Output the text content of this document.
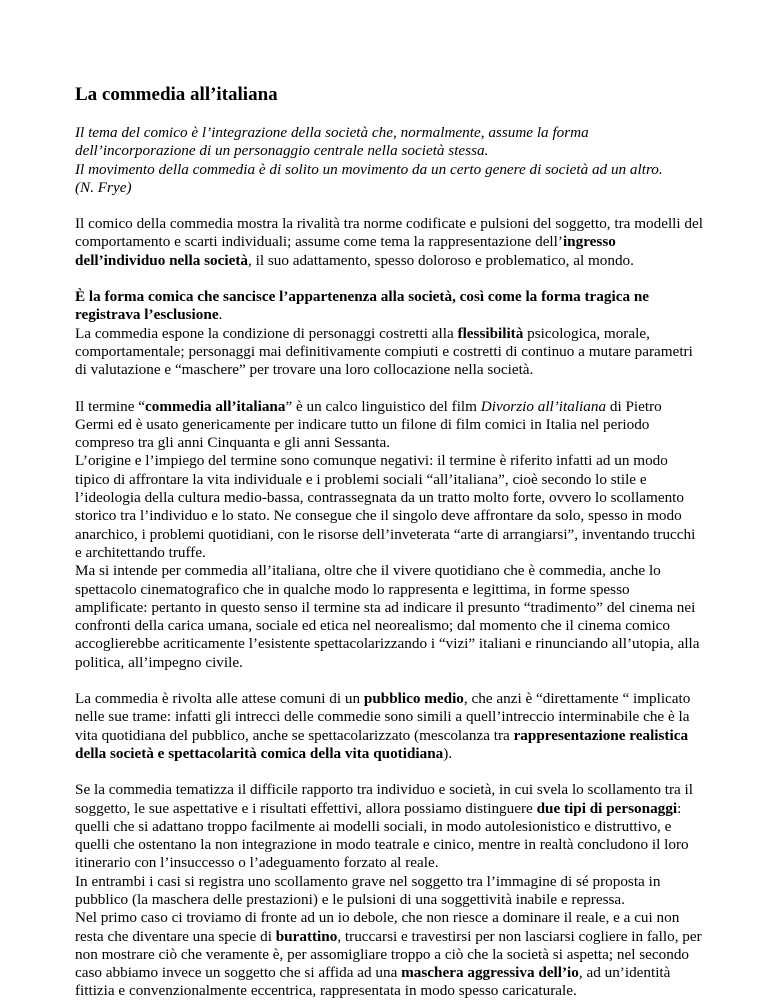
La commedia all’italiana

Il tema del comico è l’integrazione della società che, normalmente, assume la forma
dell’incorporazione di un personaggio centrale nella società stessa.
Il movimento della commedia è di solito un movimento da un certo genere di società ad un altro.
(N. Frye)

Il comico della commedia mostra la rivalità tra norme codificate e pulsioni del soggetto, tra modelli del comportamento e scarti individuali; assume come tema la rappresentazione dell’ingresso dell’individuo nella società, il suo adattamento, spesso doloroso e problematico, al mondo.

È la forma comica che sancisce l’appartenenza alla società, così come la forma tragica ne registrava l’esclusione.
La commedia espone la condizione di personaggi costretti alla flessibilità psicologica, morale, comportamentale; personaggi mai definitivamente compiuti e costretti di continuo a mutare parametri di valutazione e “maschere” per trovare una loro collocazione nella società.

Il termine “commedia all’italiana” è un calco linguistico del film Divorzio all’italiana di Pietro Germi ed è usato genericamente per indicare tutto un filone di film comici in Italia nel periodo compreso tra gli anni Cinquanta e gli anni Sessanta.
L’origine e l’impiego del termine sono comunque negativi: il termine è riferito infatti ad un modo tipico di affrontare la vita individuale e i problemi sociali “all’italiana”, cioè secondo lo stile e l’ideologia della cultura medio-bassa, contrassegnata da un tratto molto forte, ovvero lo scollamento storico tra l’individuo e lo stato. Ne consegue che il singolo deve affrontare da solo, spesso in modo anarchico, i problemi quotidiani, con le risorse dell’inveterata “arte di arrangiarsi”, inventando trucchi e architettando truffe.
Ma si intende per commedia all’italiana, oltre che il vivere quotidiano che è commedia, anche lo spettacolo cinematografico che in qualche modo lo rappresenta e legittima, in forme spesso amplificate: pertanto in questo senso il termine sta ad indicare il presunto “tradimento” del cinema nei confronti della carica umana, sociale ed etica nel neorealismo; dal momento che il cinema comico accoglierebbe acriticamente l’esistente spettacolarizzando i “vizi” italiani e rinunciando all’utopia, alla politica, all’impegno civile.

La commedia è rivolta alle attese comuni di un pubblico medio, che anzi è “direttamente “ implicato nelle sue trame: infatti gli intrecci delle commedie sono simili a quell’intreccio interminabile che è la vita quotidiana del pubblico, anche se spettacolarizzato (mescolanza tra rappresentazione realistica della società e spettacolarità comica della vita quotidiana).

Se la commedia tematizza il difficile rapporto tra individuo e società, in cui svela lo scollamento tra il soggetto, le sue aspettative e i risultati effettivi, allora possiamo distinguere due tipi di personaggi: quelli che si adattano troppo facilmente ai modelli sociali, in modo autolesionistico e distruttivo, e quelli che ostentano la non integrazione in modo teatrale e cinico, mentre in realtà concludono il loro itinerario con l’insuccesso o l’adeguamento forzato al reale.
In entrambi i casi si registra uno scollamento grave nel soggetto tra l’immagine di sé proposta in pubblico (la maschera delle prestazioni) e le pulsioni di una soggettività inabile e repressa.
Nel primo caso ci troviamo di fronte ad un io debole, che non riesce a dominare il reale, e a cui non resta che diventare una specie di burattino, truccarsi e travestirsi per non lasciarsi cogliere in fallo, per non mostrare ciò che veramente è, per assomigliare troppo a ciò che la società si aspetta; nel secondo caso abbiamo invece un soggetto che si affida ad una maschera aggressiva dell’io, ad un’identità fittizia e convenzionalmente eccentrica, rappresentata in modo spesso caricaturale.
